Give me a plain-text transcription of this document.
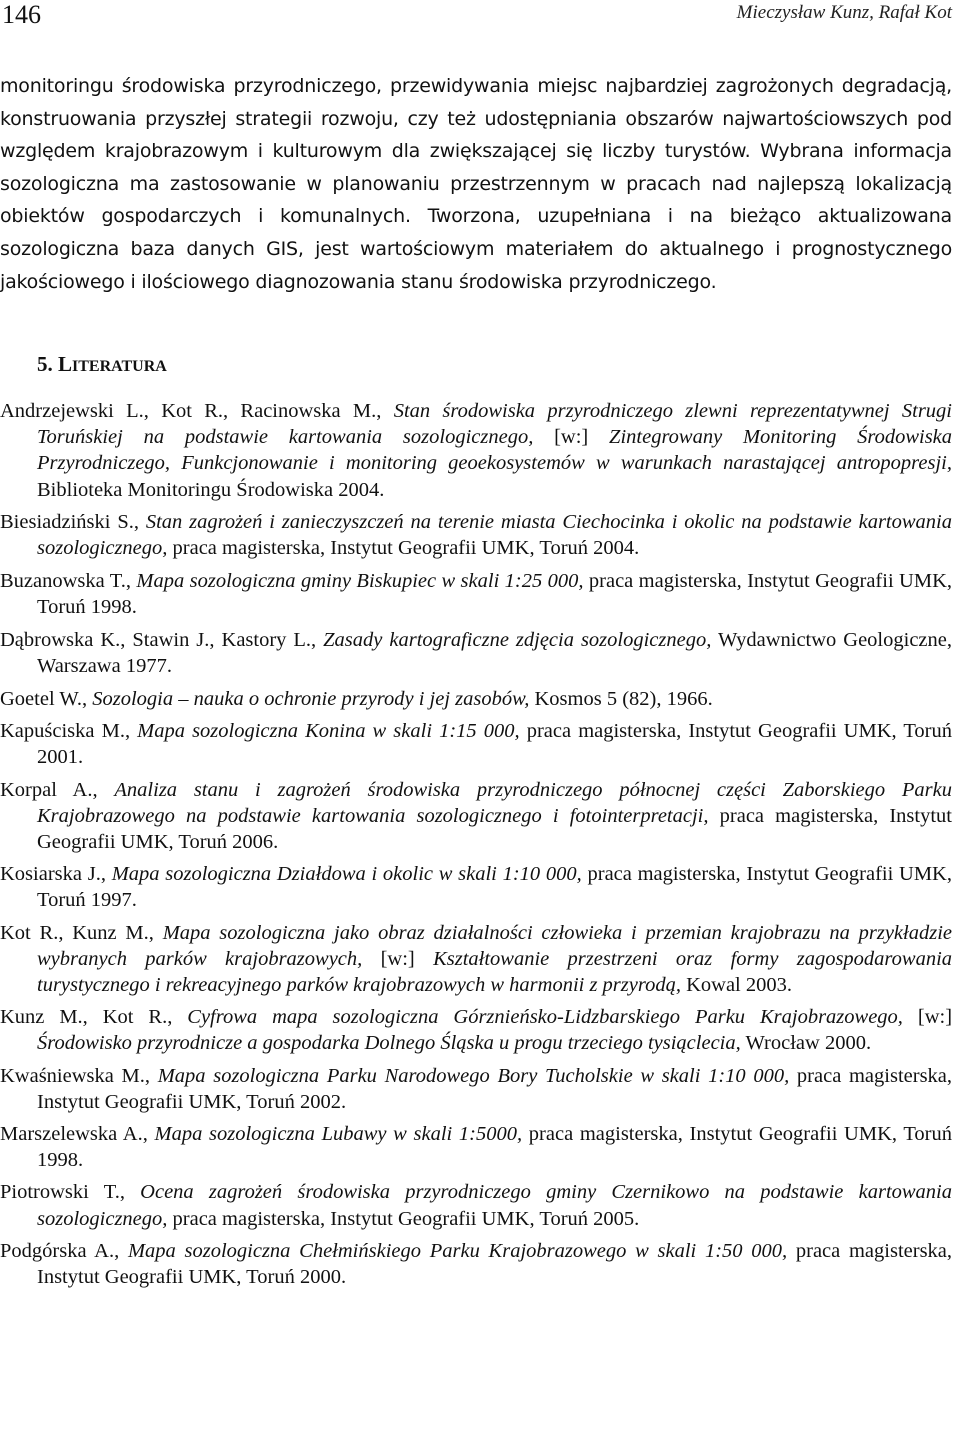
146	Mieczysław Kunz, Rafał Kot

monitoringu środowiska przyrodniczego, przewidywania miejsc najbardziej zagrożonych degradacją, konstruowania przyszłej strategii rozwoju, czy też udostępniania obszarów najwartościowszych pod względem krajobrazowym i kulturowym dla zwiększającej się liczby turystów. Wybrana informacja sozologiczna ma zastosowanie w planowaniu przestrzennym w pracach nad najlepszą lokalizacją obiektów gospodarczych i komunalnych. Tworzona, uzupełniana i na bieżąco aktualizowana sozologiczna baza danych GIS, jest wartościowym materiałem do aktualnego i prognostycznego jakościowego i ilościowego diagnozowania stanu środowiska przyrodniczego.

5. LITERATURA
Andrzejewski L., Kot R., Racinowska M., Stan środowiska przyrodniczego zlewni reprezentatywnej Strugi Toruńskiej na podstawie kartowania sozologicznego, [w:] Zintegrowany Monitoring Środowiska Przyrodniczego, Funkcjonowanie i monitoring geoekosystemów w warunkach narastającej antropopresji, Biblioteka Monitoringu Środowiska 2004.
Biesiadziński S., Stan zagrożeń i zanieczyszczeń na terenie miasta Ciechocinka i okolic na podstawie kartowania sozologicznego, praca magisterska, Instytut Geografii UMK, Toruń 2004.
Buzanowska T., Mapa sozologiczna gminy Biskupiec w skali 1:25 000, praca magisterska, Instytut Geografii UMK, Toruń 1998.
Dąbrowska K., Stawin J., Kastory L., Zasady kartograficzne zdjęcia sozologicznego, Wydawnictwo Geologiczne, Warszawa 1977.
Goetel W., Sozologia – nauka o ochronie przyrody i jej zasobów, Kosmos 5 (82), 1966.
Kapuściska M., Mapa sozologiczna Konina w skali 1:15 000, praca magisterska, Instytut Geografii UMK, Toruń 2001.
Korpal A., Analiza stanu i zagrożeń środowiska przyrodniczego północnej części Zaborskiego Parku Krajobrazowego na podstawie kartowania sozologicznego i fotointerpretacji, praca magisterska, Instytut Geografii UMK, Toruń 2006.
Kosiarska J., Mapa sozologiczna Działdowa i okolic w skali 1:10 000, praca magisterska, Instytut Geografii UMK, Toruń 1997.
Kot R., Kunz M., Mapa sozologiczna jako obraz działalności człowieka i przemian krajobrazu na przykładzie wybranych parków krajobrazowych, [w:] Kształtowanie przestrzeni oraz formy zagospodarowania turystycznego i rekreacyjnego parków krajobrazowych w harmonii z przyrodą, Kowal 2003.
Kunz M., Kot R., Cyfrowa mapa sozologiczna Górznieńsko-Lidzbarskiego Parku Krajobrazowego, [w:] Środowisko przyrodnicze a gospodarka Dolnego Śląska u progu trzeciego tysiąclecia, Wrocław 2000.
Kwaśniewska M., Mapa sozologiczna Parku Narodowego Bory Tucholskie w skali 1:10 000, praca magisterska, Instytut Geografii UMK, Toruń 2002.
Marszelewska A., Mapa sozologiczna Lubawy w skali 1:5000, praca magisterska, Instytut Geografii UMK, Toruń 1998.
Piotrowski T., Ocena zagrożeń środowiska przyrodniczego gminy Czernikowo na podstawie kartowania sozologicznego, praca magisterska, Instytut Geografii UMK, Toruń 2005.
Podgórska A., Mapa sozologiczna Chełmińskiego Parku Krajobrazowego w skali 1:50 000, praca magisterska, Instytut Geografii UMK, Toruń 2000.
